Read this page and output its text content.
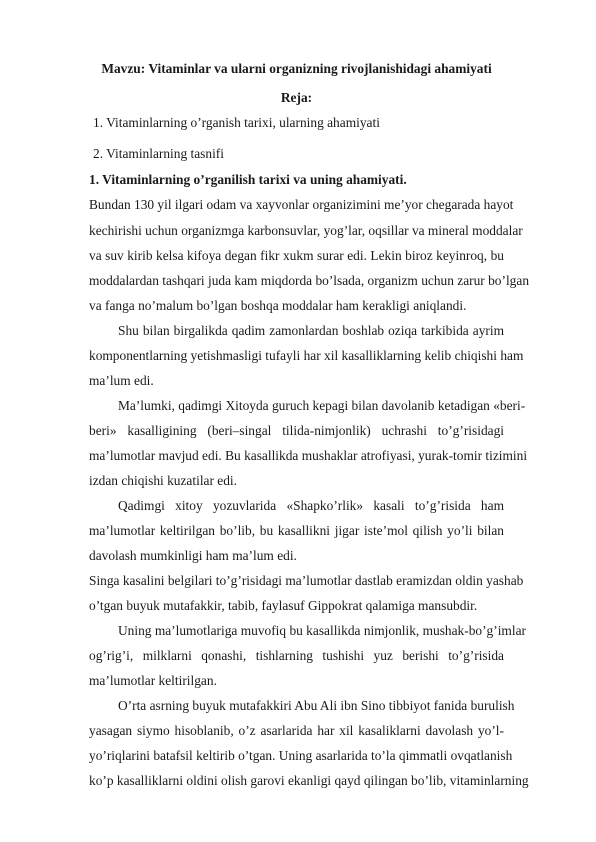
Mavzu: Vitaminlar va ularni organizning rivojlanishidagi ahamiyati
Reja:
1. Vitaminlarning o’rganish tarixi, ularning ahamiyati
2. Vitaminlarning tasnifi
1. Vitaminlarning o’rganilish tarixi va uning ahamiyati.
Bundan 130 yil ilgari odam va xayvonlar organizimini me’yor chegarada hayot
kechirishi uchun organizmga karbonsuvlar, yog’lar, oqsillar va mineral moddalar
va suv kirib kelsa kifoya degan fikr xukm surar edi. Lekin biroz keyinroq, bu
moddalardan tashqari juda kam miqdorda bo’lsada, organizm uchun zarur bo’lgan
va fanga no’malum bo’lgan boshqa moddalar ham kerakligi aniqlandi.
Shu bilan birgalikda qadim zamonlardan boshlab oziqa tarkibida ayrim
komponentlarning yetishmasligi tufayli har xil kasalliklarning kelib chiqishi ham
ma’lum edi.
Ma’lumki, qadimgi Xitoyda guruch kepagi bilan davolanib ketadigan «beri-
beri» kasalligining (beri–singal tilida-nimjonlik) uchrashi to’g’risidagi
ma’lumotlar mavjud edi. Bu kasallikda mushaklar atrofiyasi, yurak-tomir tizimini
izdan chiqishi kuzatilar edi.
Qadimgi xitoy yozuvlarida «Shapko’rlik» kasali to’g’risida ham
ma’lumotlar keltirilgan bo’lib, bu kasallikni jigar iste’mol qilish yo’li bilan
davolash mumkinligi ham ma’lum edi.
Singa kasalini belgilari to’g’risidagi ma’lumotlar dastlab eramizdan oldin yashab
o’tgan buyuk mutafakkir, tabib, faylasuf Gippokrat qalamiga mansubdir.
Uning ma’lumotlariga muvofiq bu kasallikda nimjonlik, mushak-bo’g’imlar
og’rig’i, milklarni qonashi, tishlarning tushishi yuz berishi to’g’risida
ma’lumotlar keltirilgan.
O’rta asrning buyuk mutafakkiri Abu Ali ibn Sino tibbiyot fanida burulish
yasagan siymo hisoblanib, o’z asarlarida har xil kasaliklarni davolash yo’l-
yo’riqlarini batafsil keltirib o’tgan. Uning asarlarida to’la qimmatli ovqatlanish
ko’p kasalliklarni oldini olish garovi ekanligi qayd qilingan bo’lib, vitaminlarning
